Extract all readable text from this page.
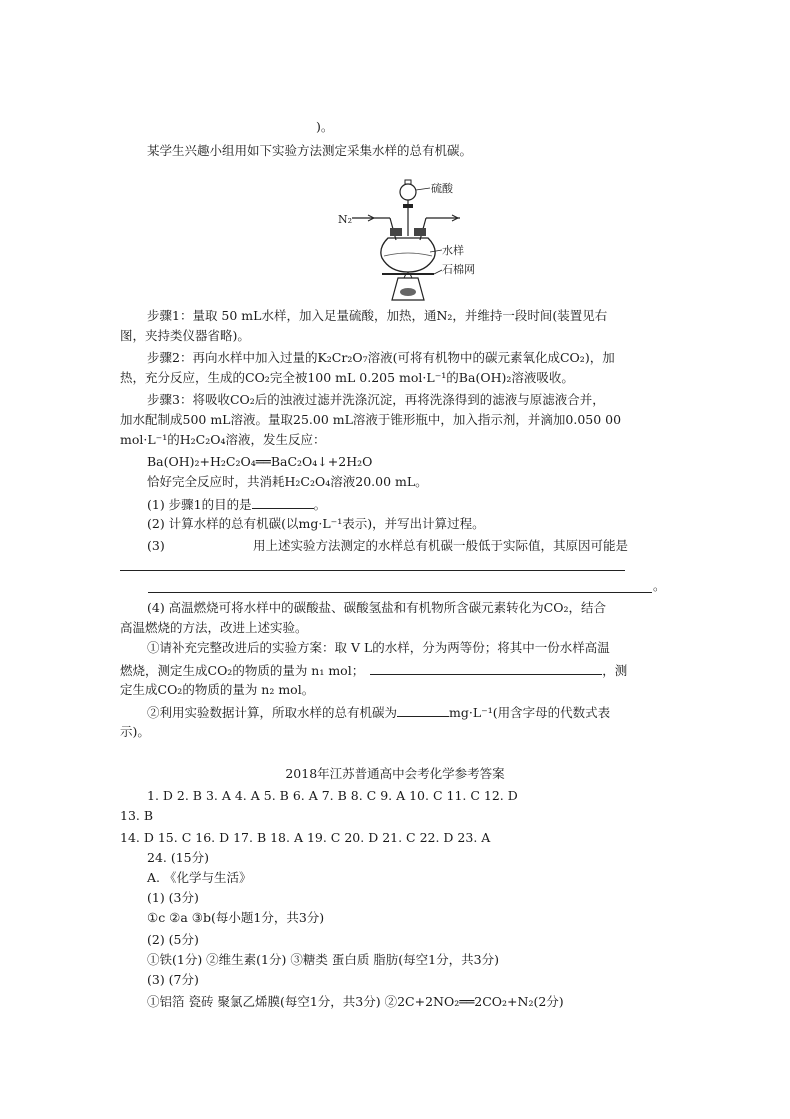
)。
某学生兴趣小组用如下实验方法测定采集水样的总有机碳。
硫酸
N₂
水样
石棉网
步骤1：量取 50 mL水样，加入足量硫酸，加热，通N₂，并维持一段时间(装置见右
图，夹持类仪器省略)。
步骤2：再向水样中加入过量的K₂Cr₂O₇溶液(可将有机物中的碳元素氧化成CO₂)，加
热，充分反应，生成的CO₂完全被100 mL 0.205 mol·L⁻¹的Ba(OH)₂溶液吸收。
步骤3：将吸收CO₂后的浊液过滤并洗涤沉淀，再将洗涤得到的滤液与原滤液合并，
加水配制成500 mL溶液。量取25.00 mL溶液于锥形瓶中，加入指示剂，并滴加0.050 00
mol·L⁻¹的H₂C₂O₄溶液，发生反应：
Ba(OH)₂+H₂C₂O₄══BaC₂O₄↓+2H₂O
恰好完全反应时，共消耗H₂C₂O₄溶液20.00 mL。
(1) 步骤1的目的是	。
(2) 计算水样的总有机碳(以mg·L⁻¹表示)，并写出计算过程。
(3)	用上述实验方法测定的水样总有机碳一般低于实际值，其原因可能是
。
(4) 高温燃烧可将水样中的碳酸盐、碳酸氢盐和有机物所含碳元素转化为CO₂，结合
高温燃烧的方法，改进上述实验。
①请补充完整改进后的实验方案：取 V L的水样，分为两等份；将其中一份水样高温
燃烧，测定生成CO₂的物质的量为 n₁ mol；	，测
定生成CO₂的物质的量为 n₂ mol。
②利用实验数据计算，所取水样的总有机碳为	mg·L⁻¹(用含字母的代数式表
示)。
2018年江苏普通高中会考化学参考答案
1. D 2. B 3. A 4. A 5. B 6. A 7. B 8. C 9. A 10. C 11. C 12. D
13. B
14. D 15. C 16. D 17. B 18. A 19. C 20. D 21. C 22. D 23. A
24. (15分)
A. 《化学与生活》
(1) (3分)
①c ②a ③b(每小题1分，共3分)
(2) (5分)
①铁(1分) ②维生素(1分) ③糖类 蛋白质 脂肪(每空1分，共3分)
(3) (7分)
①铝箔 瓷砖 聚氯乙烯膜(每空1分，共3分) ②2C+2NO₂══2CO₂+N₂(2分)
